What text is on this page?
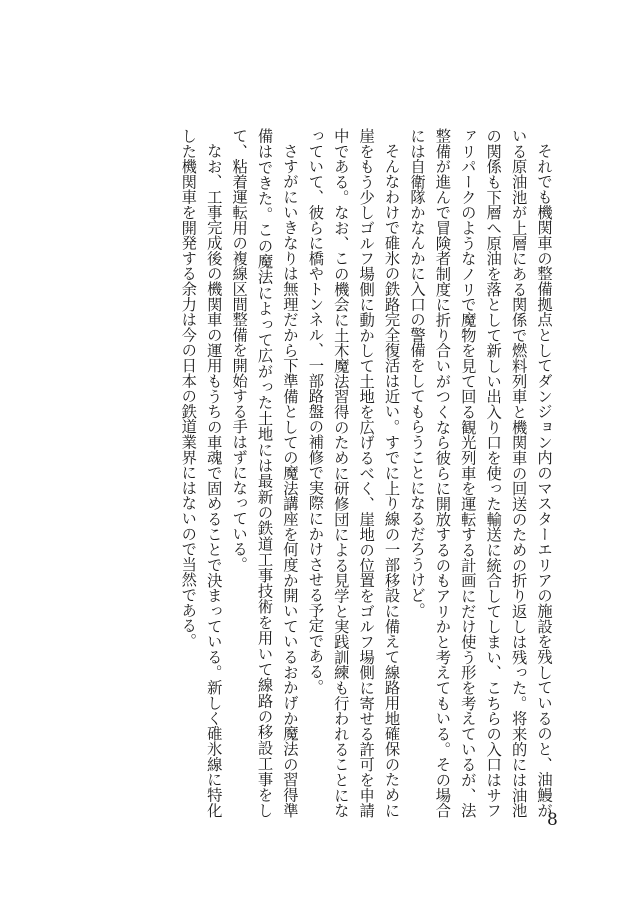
それでも機関車の整備拠点としてダンジョン内のマスターエリアの施設を残しているのと、油鰻がいる原油池が上層にある関係で燃料列車と機関車の回送のための折り返しは残った。将来的には油池の関係も下層へ原油を落として新しい出入り口を使った輸送に統合してしまい、こちらの入口はサファリパークのようなノリで魔物を見て回る観光列車を運転する計画にだけ使う形を考えているが、法整備が進んで冒険者制度に折り合いがつくなら彼らに開放するのもアリかと考えてもいる。その場合には自衛隊かなんかに入口の警備をしてもらうことになるだろうけど。

そんなわけで碓氷の鉄路完全復活は近い。すでに上り線の一部移設に備えて線路用地確保のために崖をもう少しゴルフ場側に動かして土地を広げるべく、崖地の位置をゴルフ場側に寄せる許可を申請中である。なお、この機会に土木魔法習得のために研修団による見学と実践訓練も行われることになっていて、彼らに橋やトンネル、一部路盤の補修で実際にかけさせる予定である。

さすがにいきなりは無理だから下準備としての魔法講座を何度か開いているおかげか魔法の習得準備はできた。この魔法によって広がった土地には最新の鉄道工事技術を用いて線路の移設工事をして、粘着運転用の複線区間整備を開始する手はずになっている。

なお、工事完成後の機関車の運用もうちの車魂で固めることで決まっている。新しく碓氷線に特化した機関車を開発する余力は今の日本の鉄道業界にはないので当然である。

8
